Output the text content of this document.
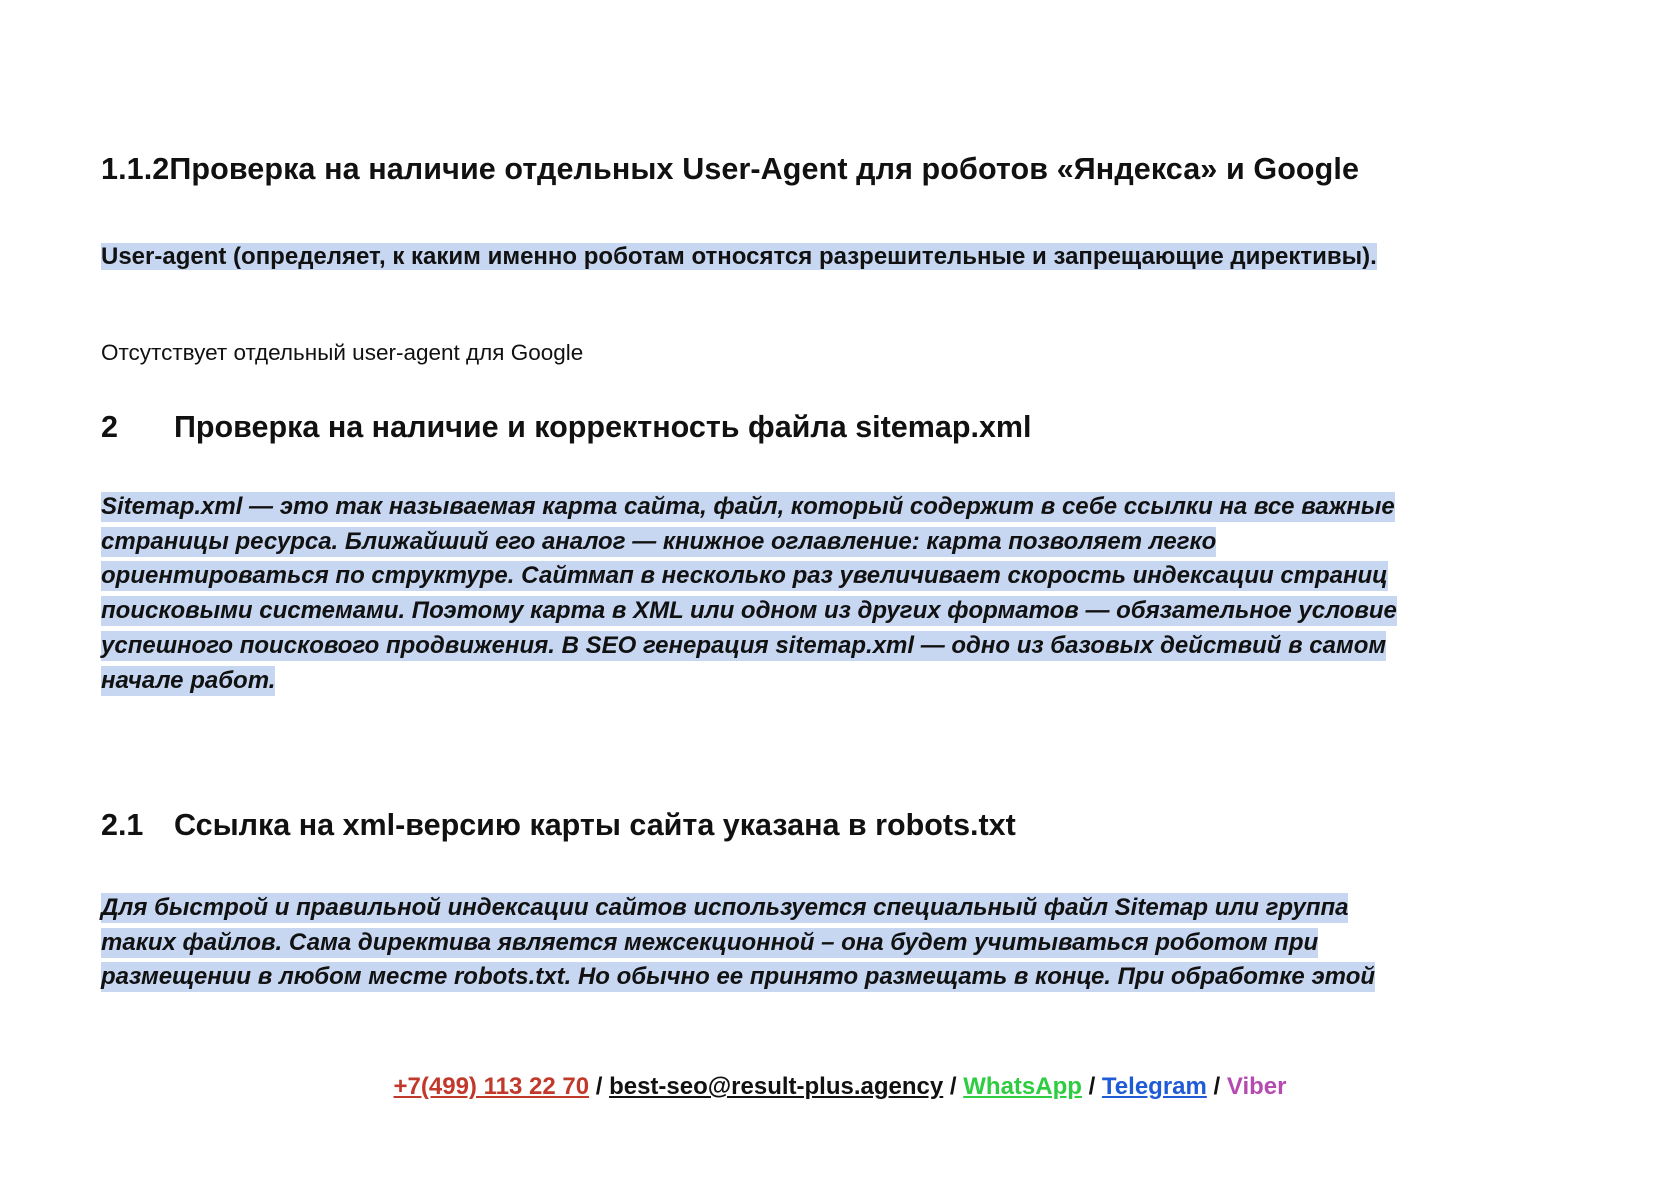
1.1.2Проверка на наличие отдельных User-Agent для роботов «Яндекса» и Google

User-agent (определяет, к каким именно роботам относятся разрешительные и запрещающие директивы).

Отсутствует отдельный user-agent для Google

2 Проверка на наличие и корректность файла sitemap.xml
Sitemap.xml — это так называемая карта сайта, файл, который содержит в себе ссылки на все важные
страницы ресурса. Ближайший его аналог — книжное оглавление: карта позволяет легко
ориентироваться по структуре. Сайтмап в несколько раз увеличивает скорость индексации страниц
поисковыми системами. Поэтому карта в XML или одном из других форматов — обязательное условие
успешного поискового продвижения. В SEO генерация sitemap.xml — одно из базовых действий в самом
начале работ.
2.1 Ссылка на xml-версию карты сайта указана в robots.txt
Для быстрой и правильной индексации сайтов используется специальный файл Sitemap или группа
таких файлов. Сама директива является межсекционной – она будет учитываться роботом при
размещении в любом месте robots.txt. Но обычно ее принято размещать в конце. При обработке этой
+7(499) 113 22 70 / best-seo@result-plus.agency / WhatsApp / Telegram / Viber
